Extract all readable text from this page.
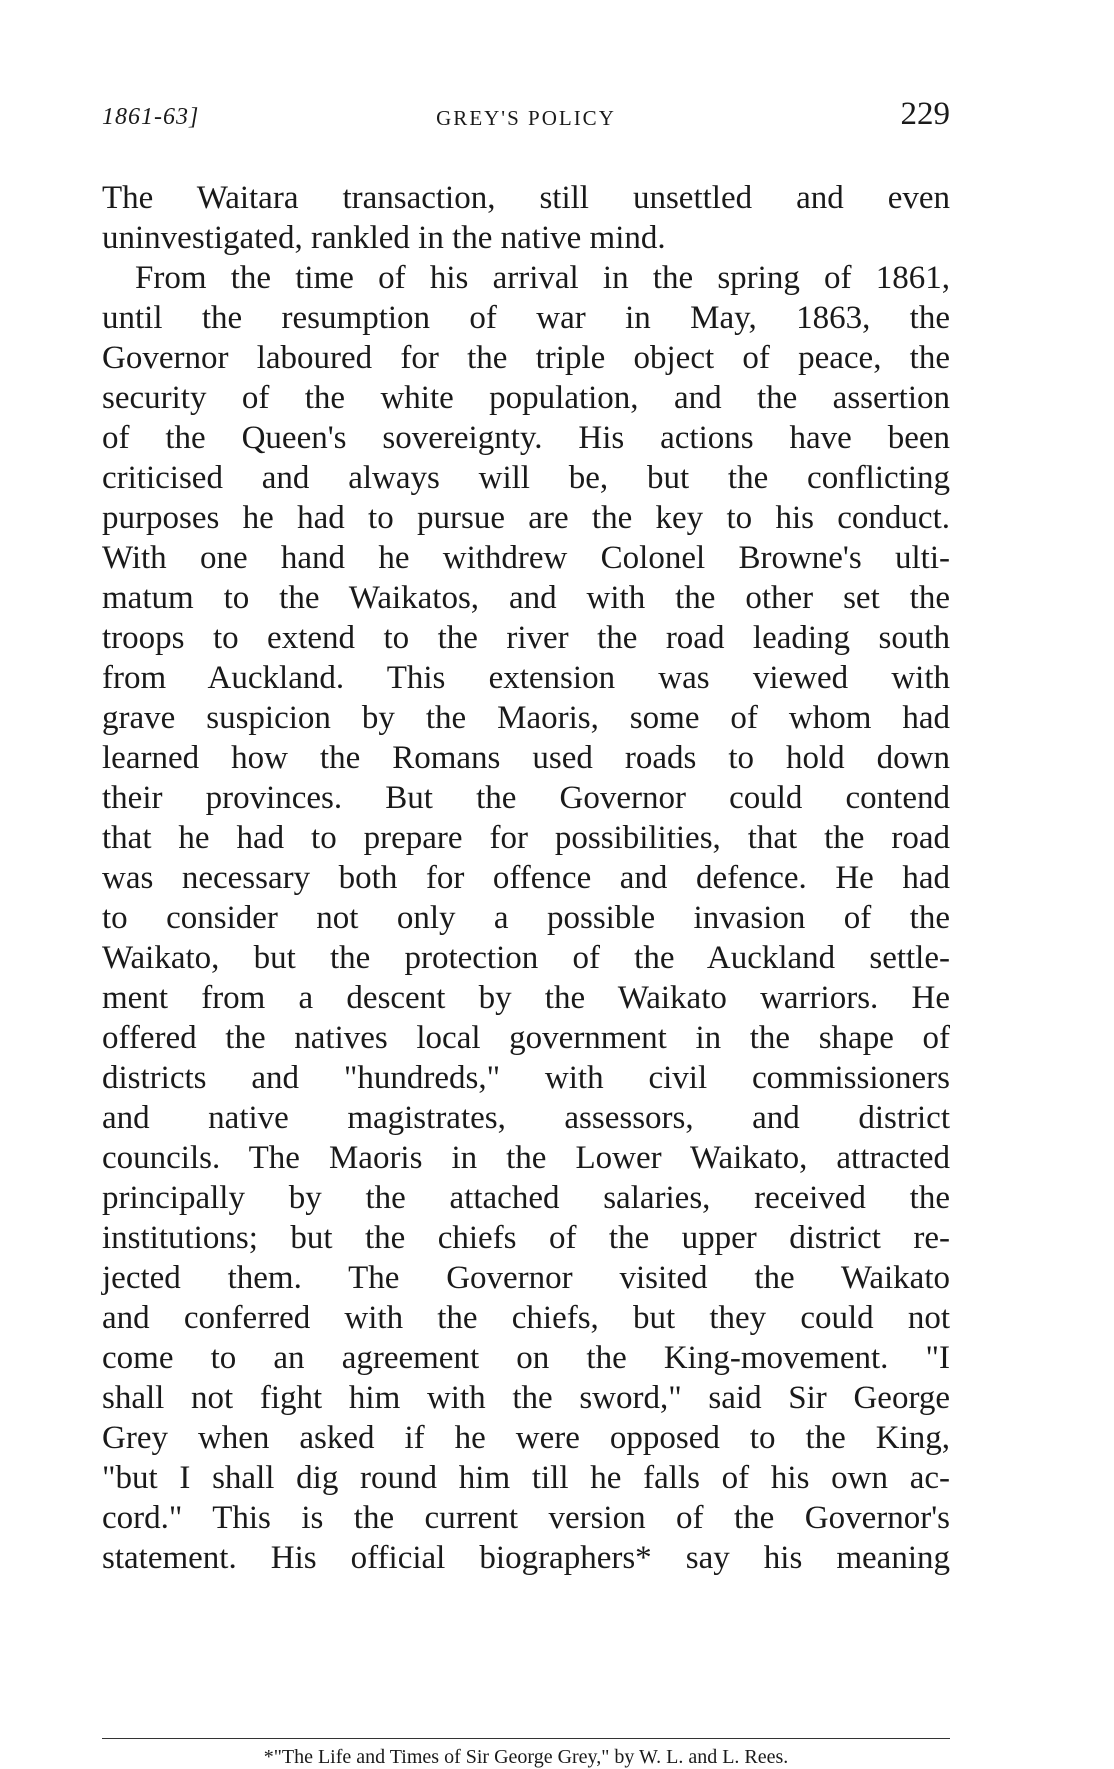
1861-63]	GREY'S POLICY	229
The Waitara transaction, still unsettled and even
uninvestigated, rankled in the native mind.
From the time of his arrival in the spring of 1861,
until the resumption of war in May, 1863, the
Governor laboured for the triple object of peace, the
security of the white population, and the assertion
of the Queen's sovereignty. His actions have been
criticised and always will be, but the conflicting
purposes he had to pursue are the key to his conduct.
With one hand he withdrew Colonel Browne's ulti-
matum to the Waikatos, and with the other set the
troops to extend to the river the road leading south
from Auckland. This extension was viewed with
grave suspicion by the Maoris, some of whom had
learned how the Romans used roads to hold down
their provinces. But the Governor could contend
that he had to prepare for possibilities, that the road
was necessary both for offence and defence. He had
to consider not only a possible invasion of the
Waikato, but the protection of the Auckland settle-
ment from a descent by the Waikato warriors. He
offered the natives local government in the shape of
districts and "hundreds," with civil commissioners
and native magistrates, assessors, and district
councils. The Maoris in the Lower Waikato, attracted
principally by the attached salaries, received the
institutions; but the chiefs of the upper district re-
jected them. The Governor visited the Waikato
and conferred with the chiefs, but they could not
come to an agreement on the King-movement. "I
shall not fight him with the sword," said Sir George
Grey when asked if he were opposed to the King,
"but I shall dig round him till he falls of his own ac-
cord." This is the current version of the Governor's
statement. His official biographers* say his meaning
*"The Life and Times of Sir George Grey," by W. L. and L. Rees.
